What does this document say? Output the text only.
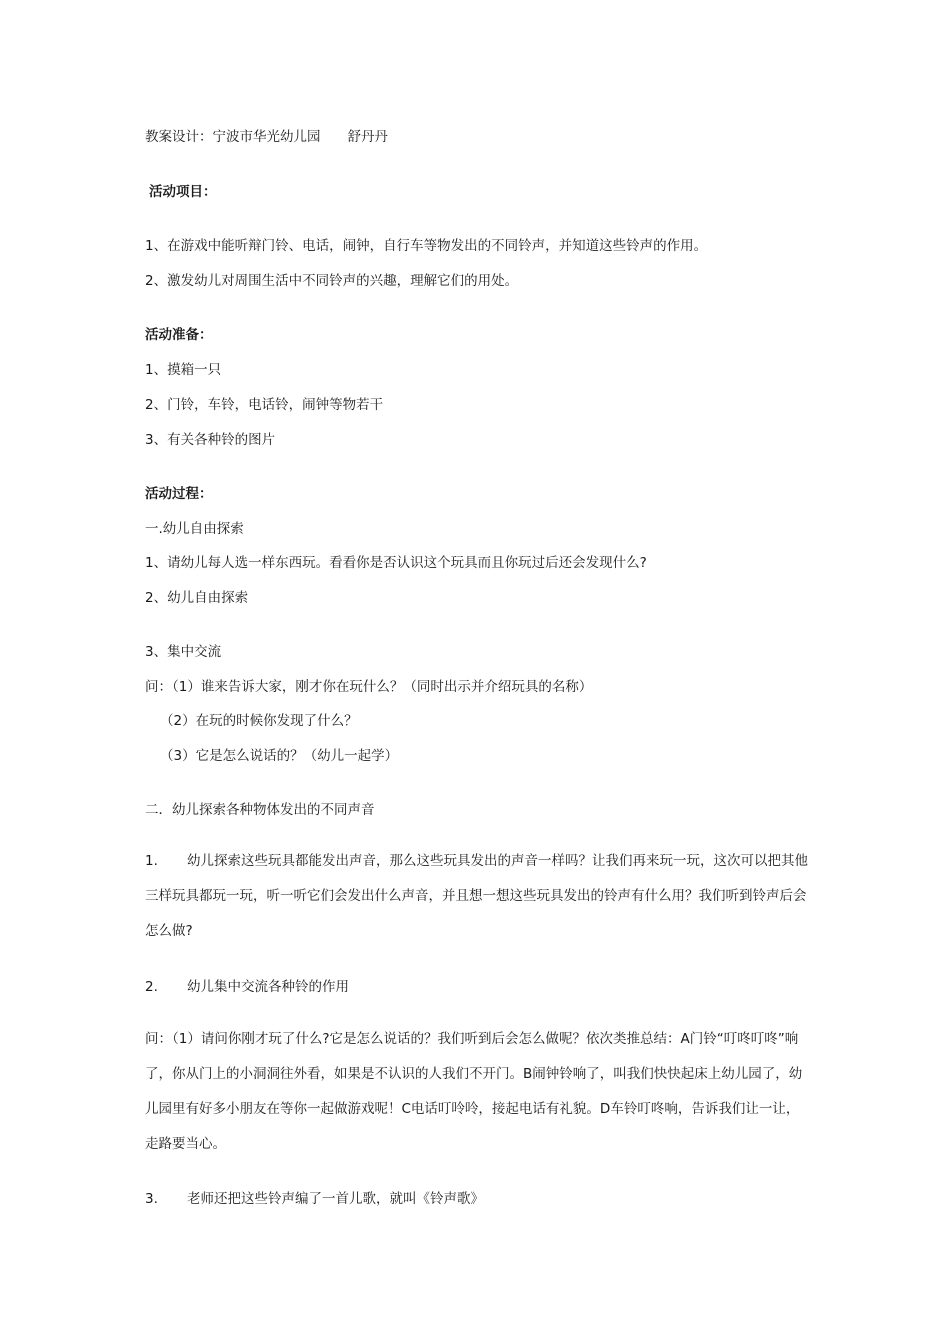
教案设计：宁波市华光幼儿园　　舒丹丹
活动项目：
1、在游戏中能听辩门铃、电话，闹钟，自行车等物发出的不同铃声，并知道这些铃声的作用。
2、激发幼儿对周围生活中不同铃声的兴趣，理解它们的用处。
活动准备：
1、摸箱一只
2、门铃，车铃，电话铃，闹钟等物若干
3、有关各种铃的图片
活动过程：
一.幼儿自由探索
1、请幼儿每人选一样东西玩。看看你是否认识这个玩具而且你玩过后还会发现什么?
2、幼儿自由探索
3、集中交流
问：（1）谁来告诉大家，刚才你在玩什么？（同时出示并介绍玩具的名称）
（2）在玩的时候你发现了什么？
（3）它是怎么说话的？（幼儿一起学）
二．幼儿探索各种物体发出的不同声音
1. 幼儿探索这些玩具都能发出声音，那么这些玩具发出的声音一样吗？让我们再来玩一玩，这次可以把其他三样玩具都玩一玩，听一听它们会发出什么声音，并且想一想这些玩具发出的铃声有什么用？我们听到铃声后会怎么做?
2. 幼儿集中交流各种铃的作用
问：（1）请问你刚才玩了什么?它是怎么说话的？我们听到后会怎么做呢？依次类推总结：A门铃“叮咚叮咚”响了，你从门上的小洞洞往外看，如果是不认识的人我们不开门。B闹钟铃响了，叫我们快快起床上幼儿园了，幼儿园里有好多小朋友在等你一起做游戏呢！C电话叮呤呤，接起电话有礼貌。D车铃叮咚响，告诉我们让一让，走路要当心。
3. 老师还把这些铃声编了一首儿歌，就叫《铃声歌》
